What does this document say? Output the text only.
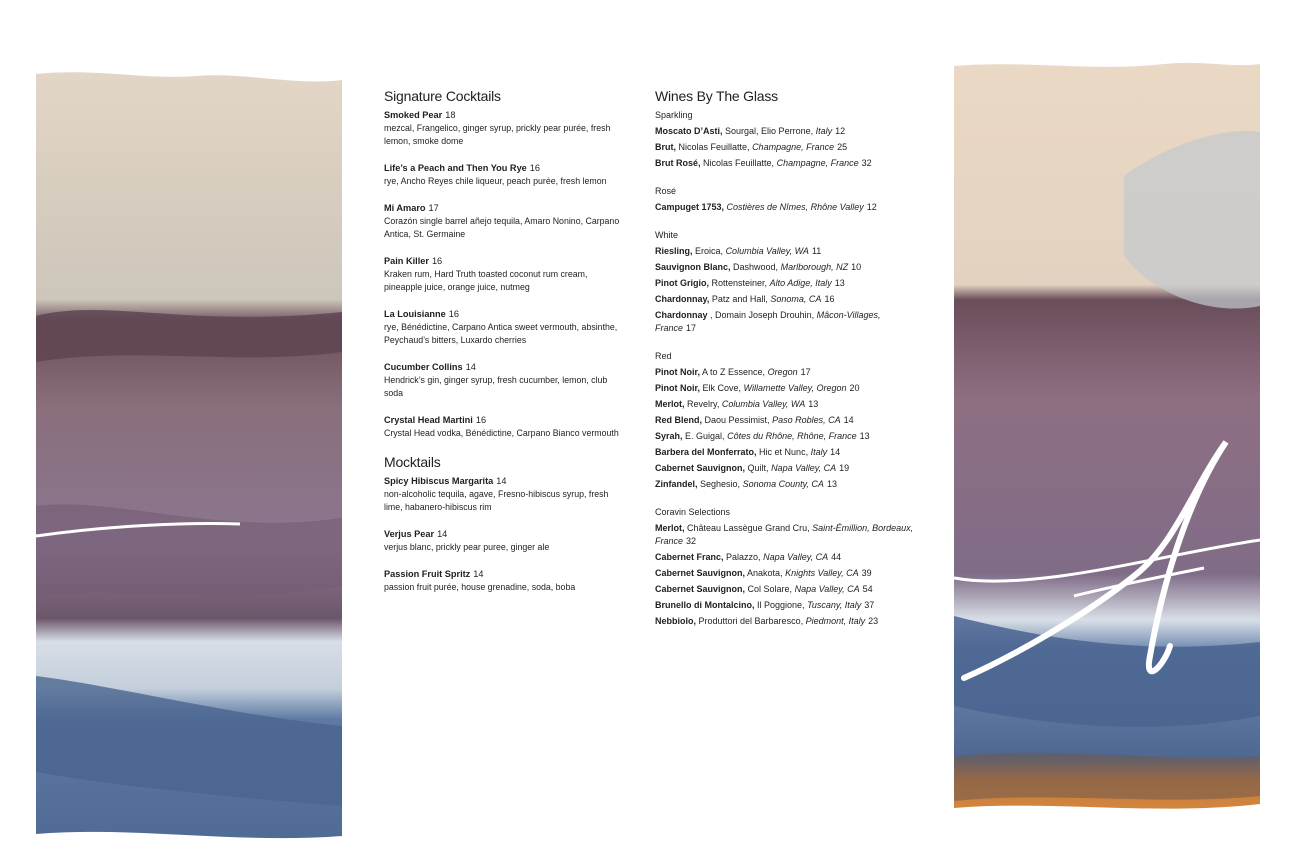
Signature Cocktails
Smoked Pear 18
mezcal, Frangelico, ginger syrup, prickly pear purée, fresh lemon, smoke dome
Life’s a Peach and Then You Rye 16
rye, Ancho Reyes chile liqueur, peach purée, fresh lemon
Mi Amaro 17
Corazón single barrel añejo tequila, Amaro Nonino, Carpano Antica, St. Germaine
Pain Killer 16
Kraken rum, Hard Truth toasted coconut rum cream, pineapple juice, orange juice, nutmeg
La Louisianne 16
rye, Bénédictine, Carpano Antica sweet vermouth, absinthe, Peychaud’s bitters, Luxardo cherries
Cucumber Collins 14
Hendrick’s gin, ginger syrup, fresh cucumber, lemon, club soda
Crystal Head Martini 16
Crystal Head vodka, Bénédictine, Carpano Bianco vermouth
Mocktails
Spicy Hibiscus Margarita 14
non-alcoholic tequila, agave, Fresno-hibiscus syrup, fresh lime, habanero-hibiscus rim
Verjus Pear 14
verjus blanc, prickly pear puree, ginger ale
Passion Fruit Spritz 14
passion fruit purée, house grenadine, soda, boba
Wines By The Glass
Sparkling
Moscato D’Asti, Sourgal, Elio Perrone, Italy 12
Brut, Nicolas Feuillatte, Champagne, France 25
Brut Rosé, Nicolas Feuillatte, Champagne, France 32
Rosé
Campuget 1753, Costières de Nîmes, Rhône Valley 12
White
Riesling, Eroica, Columbia Valley, WA 11
Sauvignon Blanc, Dashwood, Marlborough, NZ 10
Pinot Grigio, Rottensteiner, Alto Adige, Italy 13
Chardonnay, Patz and Hall, Sonoma, CA 16
Chardonnay , Domain Joseph Drouhin, Mâcon-Villages, France 17
Red
Pinot Noir, A to Z Essence, Oregon 17
Pinot Noir, Elk Cove, Willamette Valley, Oregon 20
Merlot, Revelry, Columbia Valley, WA 13
Red Blend, Daou Pessimist, Paso Robles, CA 14
Syrah, E. Guigal, Côtes du Rhône, Rhône, France 13
Barbera del Monferrato, Hic et Nunc, Italy 14
Cabernet Sauvignon, Quilt, Napa Valley, CA 19
Zinfandel, Seghesio, Sonoma County, CA 13
Coravin Selections
Merlot, Château Lassègue Grand Cru, Saint-Émillion, Bordeaux, France 32
Cabernet Franc, Palazzo, Napa Valley, CA 44
Cabernet Sauvignon, Anakota, Knights Valley, CA 39
Cabernet Sauvignon, Col Solare, Napa Valley, CA 54
Brunello di Montalcino, Il Poggione, Tuscany, Italy 37
Nebbiolo, Produttori del Barbaresco, Piedmont, Italy 23
